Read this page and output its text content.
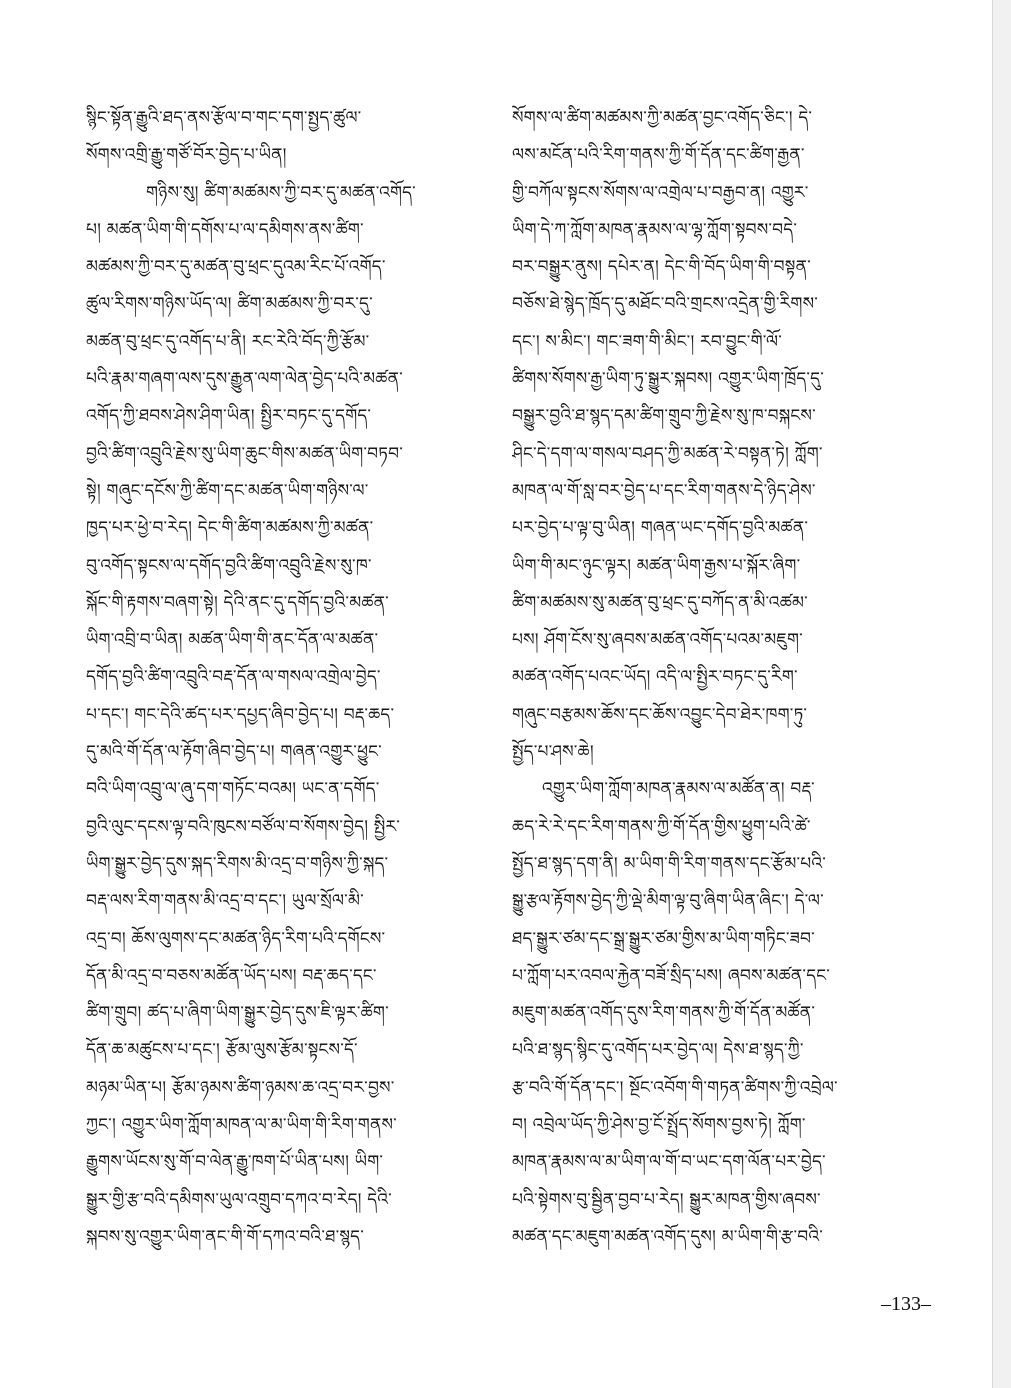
སྙིང་སྟོན་རྒྱུའི་ཐད་ནས་རྩོལ་བ་གང་དག་སྤྱད་ཚུལ་
སོགས་འགྲི་རྒྱུ་གཙོ་བོར་བྱེད་པ་ཡིན།
གཉིས་སུ། ཚིག་མཚམས་ཀྱི་བར་དུ་མཚན་འགོད་
པ། མཚན་ཡིག་གི་དགོས་པ་ལ་དམིགས་ནས་ཚིག་
མཚམས་ཀྱི་བར་དུ་མཚན་བུ་ཕྲང་དུའམ་རིང་པོ་འགོད་
ཚུལ་རིགས་གཉིས་ཡོད་ལ། ཚིག་མཚམས་ཀྱི་བར་དུ་
མཚན་བུ་ཕྲང་དུ་འགོད་པ་ནི། རང་རེའི་བོད་ཀྱི་རྩོམ་
པའི་རྣམ་གཞག་ལས་དུས་རྒྱུན་ལག་ལེན་བྱེད་པའི་མཚན་
འགོད་ཀྱི་ཐབས་ཤེས་ཤིག་ཡིན། སྤྱིར་བཏང་དུ་དགོད་
བྱའི་ཚིག་འབྲུའི་རྗེས་སུ་ཡིག་ཆུང་གིས་མཚན་ཡིག་བཏབ་
སྟེ། གཞུང་དངོས་ཀྱི་ཚིག་དང་མཚན་ཡིག་གཉིས་ལ་
ཁྱད་པར་ཕྱེ་བ་རེད། དེང་གི་ཚིག་མཚམས་ཀྱི་མཚན་
བུ་འགོད་སྟངས་ལ་དགོད་བྱའི་ཚིག་འབྲུའི་རྗེས་སུ་ཁ་
སྐོང་གི་རྟགས་བཞག་སྟེ། དེའི་ནང་དུ་དགོད་བྱའི་མཚན་
ཡིག་འབྲི་བ་ཡིན། མཚན་ཡིག་གི་ནང་དོན་ལ་མཚན་
དགོད་བྱའི་ཚིག་འབྲུའི་བརྡ་དོན་ལ་གསལ་འགྲེལ་བྱེད་
པ་དང་། གང་དེའི་ཚད་པར་དཔྱད་ཞིབ་བྱེད་པ། བརྡ་ཆད་
དུ་མའི་གོ་དོན་ལ་རྟོག་ཞིབ་བྱེད་པ། གཞན་འགྱུར་ཕྱུང་
བའི་ཡིག་འབྲུ་ལ་ཞུ་དག་གཏོང་བའམ། ཡང་ན་དགོད་
བྱའི་ལུང་དངས་ལྟ་བའི་ཁུངས་བཙོལ་བ་སོགས་བྱེད། སྤྱིར་
ཡིག་སྒྱུར་བྱེད་དུས་སྐད་རིགས་མི་འདྲ་བ་གཉིས་ཀྱི་སྐད་
བརྡ་ལས་རིག་གནས་མི་འདྲ་བ་དང་། ཡུལ་སྲོལ་མི་
འདྲ་བ། ཆོས་ལུགས་དང་མཚན་ཉིད་རིག་པའི་དགོངས་
དོན་མི་འདྲ་བ་བཅས་མཚོན་ཡོད་པས། བརྡ་ཆད་དང་
ཚིག་གྲུབ། ཚད་པ་ཞིག་ཡིག་སྒྱུར་བྱེད་དུས་ཇི་ལྟར་ཚིག་
དོན་ཆ་མཚུངས་པ་དང་། རྩོམ་ལུས་རྩོམ་སྟངས་དོ་
མཉམ་ཡིན་པ། རྩོམ་ཉམས་ཚིག་ཉམས་ཆ་འདྲ་བར་བྱས་
ཀྱང་། འགྱུར་ཡིག་ཀློག་མཁན་ལ་མ་ཡིག་གི་རིག་གནས་
རྒྱུགས་ཡོངས་སུ་གོ་བ་ལེན་རྒྱུ་ཁག་པོ་ཡིན་པས། ཡིག་
སྒྱུར་གྱི་རྩ་བའི་དམིགས་ཡུལ་འགྲུབ་དཀའ་བ་རེད། དེའི་
སྐབས་སུ་འགྱུར་ཡིག་ནང་གི་གོ་དཀའ་བའི་ཐ་སྙད་
སོགས་ལ་ཚིག་མཚམས་ཀྱི་མཚན་བྱང་འགོད་ཅིང་། དེ་
ལས་མངོན་པའི་རིག་གནས་ཀྱི་གོ་དོན་དང་ཚིག་རྒྱན་
གྱི་བཀོལ་སྟངས་སོགས་ལ་འགྲེལ་པ་བརྒྱབ་ན། འགྱུར་
ཡིག་དེ་ཀ་ཀློག་མཁན་རྣམས་ལ་ལྷ་ཀློག་སྟབས་བདེ་
བར་བསྒྱུར་ནུས། དཔེར་ན། དེང་གི་བོད་ཡིག་གི་བསྟན་
བཅོས་ཐེ་སྙེད་ཁྲོད་དུ་མཐོང་བའི་གྲངས་འདྲེན་གྱི་རིགས་
དང་། ས་མིང་། གང་ཟག་གི་མིང་། རབ་བྱུང་གི་ལོ་
ཚིགས་སོགས་རྒྱ་ཡིག་ཏུ་སྒྱུར་སྐབས། འགྱུར་ཡིག་ཁྲོད་དུ་
བསྒྱུར་བྱའི་ཐ་སྙད་དམ་ཚིག་གྲུབ་ཀྱི་རྗེས་སུ་ཁ་བསྐངས་
ཤིང་དེ་དག་ལ་གསལ་བཤད་ཀྱི་མཚན་རེ་བསྟན་ཏེ། ཀློག་
མཁན་ལ་གོ་སླ་བར་བྱེད་པ་དང་རིག་གནས་དེ་ཉིད་ཤེས་
པར་བྱེད་པ་ལྟ་བུ་ཡིན། གཞན་ཡང་དགོད་བྱའི་མཚན་
ཡིག་གི་མང་ཉུང་ལྟར། མཚན་ཡིག་རྒྱས་པ་སྐོར་ཞིག་
ཚིག་མཚམས་སུ་མཚན་བུ་ཕྲང་དུ་བཀོད་ན་མི་འཚམ་
པས། ཤོག་ངོས་སུ་ཞབས་མཚན་འགོད་པའམ་མཇུག་
མཚན་འགོད་པའང་ཡོད། འདི་ལ་སྤྱིར་བཏང་དུ་རིག་
གཞུང་བརྩམས་ཆོས་དང་ཆོས་འབྱུང་དེབ་ཐེར་ཁག་ཏུ་
སྤྱོད་པ་ཤས་ཆེ།
འགྱུར་ཡིག་ཀློག་མཁན་རྣམས་ལ་མཚོན་ན། བརྡ་
ཆད་རེ་རེ་དང་རིག་གནས་ཀྱི་གོ་དོན་གྱིས་ཕྱུག་པའི་ཚེ་
སྤྱོད་ཐ་སྙད་དག་ནི། མ་ཡིག་གི་རིག་གནས་དང་རྩོམ་པའི་
སྒྱུ་རྩལ་རྟོགས་བྱེད་ཀྱི་ལྡེ་མིག་ལྟ་བུ་ཞིག་ཡིན་ཞིང་། དེ་ལ་
ཐད་སྒྱུར་ཙམ་དང་སྒྲ་སྒྱུར་ཙམ་གྱིས་མ་ཡིག་གཏིང་ཟབ་
པ་ཀློག་པར་འབལ་རྐྱེན་བཟོ་སྲིད་པས། ཞབས་མཚན་དང་
མཇུག་མཚན་འགོད་དུས་རིག་གནས་ཀྱི་གོ་དོན་མཚོན་
པའི་ཐ་སྙད་སྙིང་དུ་འགོད་པར་བྱེད་ལ། དེས་ཐ་སྙད་ཀྱི་
རྩ་བའི་གོ་དོན་དང་། སྔོང་འབོག་གི་གཏན་ཚིགས་ཀྱི་འབྲེལ་
བ། འབྲེལ་ཡོད་ཀྱི་ཤེས་བྱ་ངོ་སྤྲོད་སོགས་བྱས་ཏེ། ཀློག་
མཁན་རྣམས་ལ་མ་ཡིག་ལ་གོ་བ་ཡང་དག་ལོན་པར་བྱེད་
པའི་སྟེགས་བུ་སྦྱིན་བྱབ་པ་རེད། སྒྱུར་མཁན་གྱིས་ཞབས་
མཚན་དང་མཇུག་མཚན་འགོད་དུས། མ་ཡིག་གི་རྩ་བའི་
–133–
